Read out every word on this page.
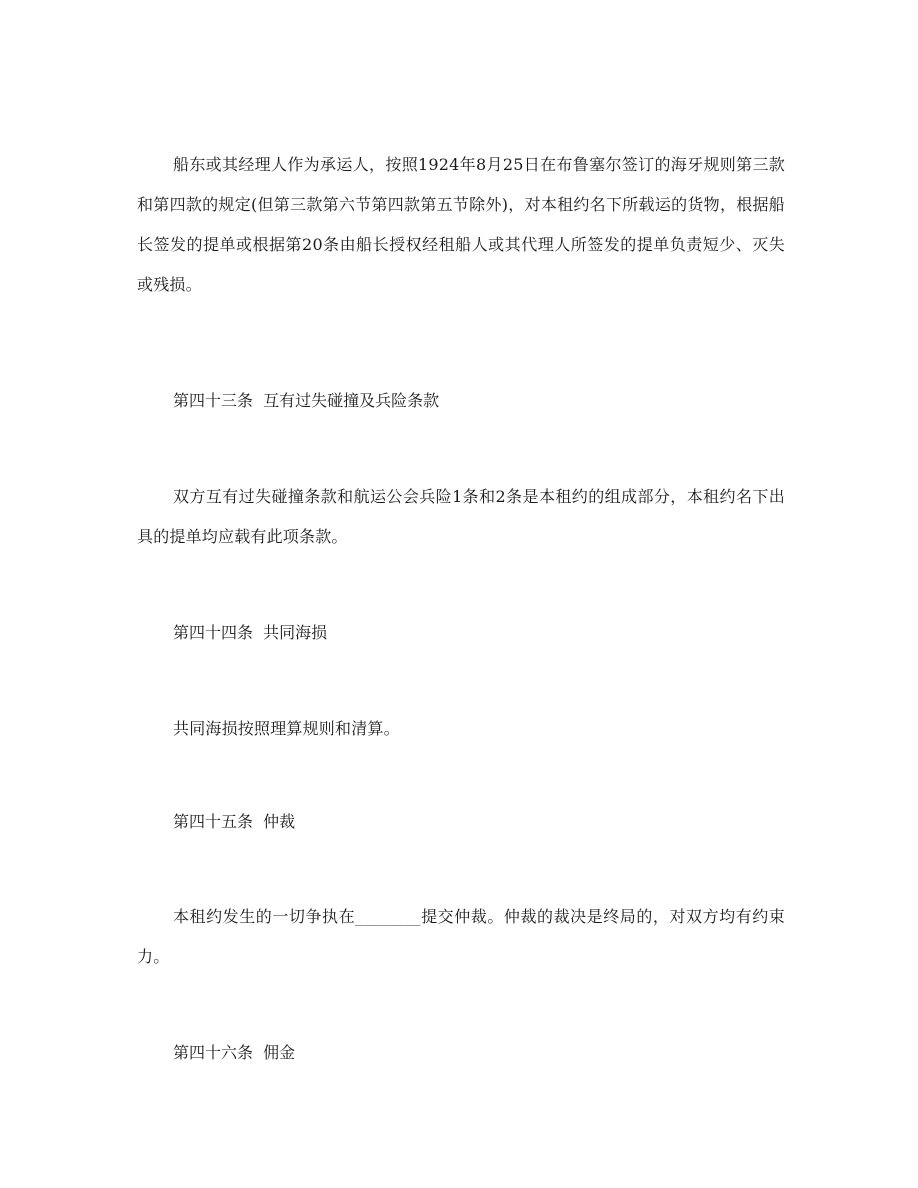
船东或其经理人作为承运人，按照1924年8月25日在布鲁塞尔签订的海牙规则第三款和第四款的规定(但第三款第六节第四款第五节除外)，对本租约名下所载运的货物，根据船长签发的提单或根据第20条由船长授权经租船人或其代理人所签发的提单负责短少、灭失或残损。

第四十三条  互有过失碰撞及兵险条款

双方互有过失碰撞条款和航运公会兵险1条和2条是本租约的组成部分，本租约名下出具的提单均应载有此项条款。

第四十四条  共同海损

共同海损按照理算规则和清算。

第四十五条  仲裁

本租约发生的一切争执在________提交仲裁。仲裁的裁决是终局的，对双方均有约束力。

第四十六条  佣金
